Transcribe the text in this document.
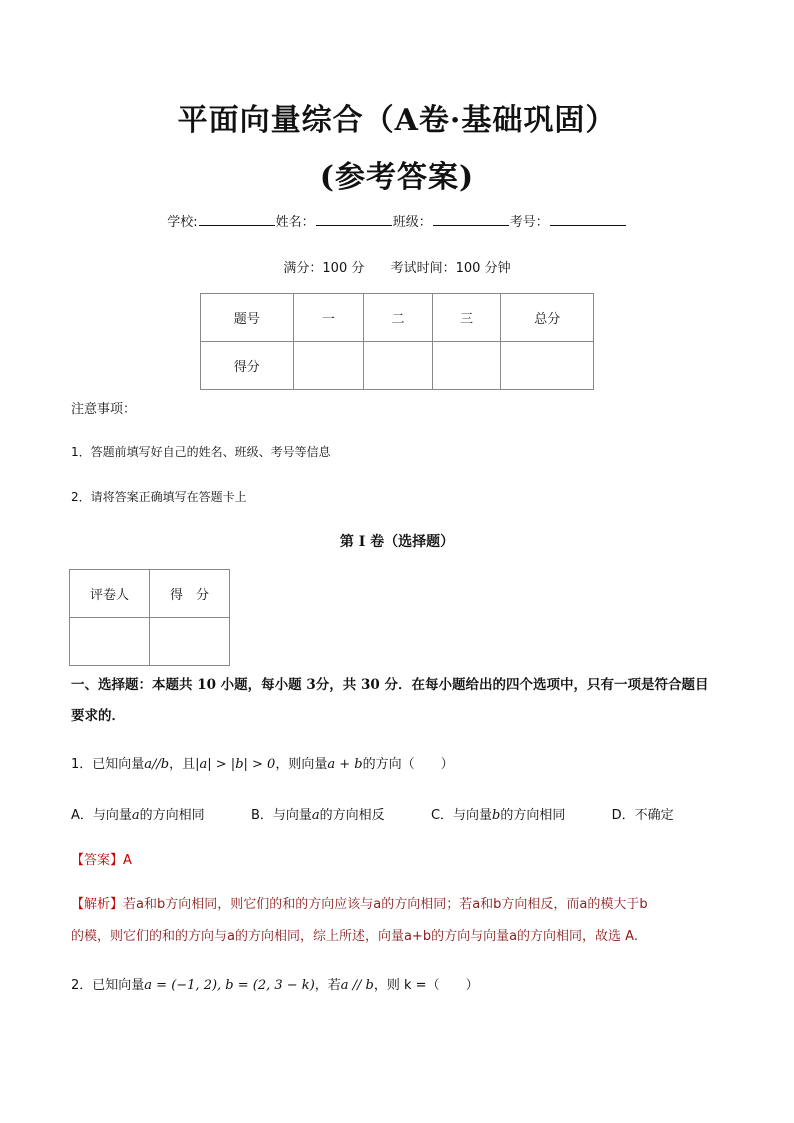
平面向量综合（A卷·基础巩固）
(参考答案)
学校:	姓名：	班级：	考号：
满分：100 分 考试时间：100 分钟
题号	一	二	三	总分
得分				
注意事项：
1．答题前填写好自己的姓名、班级、考号等信息
2．请将答案正确填写在答题卡上
第 I 卷（选择题）
评卷人	得　分

一、选择题：本题共 10 小题，每小题 3分，共 30 分．在每小题给出的四个选项中，只有一项是符合题目
要求的．
1．已知向量a//b，且|a| > |b| > 0，则向量a + b的方向（　　）
A．与向量a的方向相同	B．与向量a的方向相反	C．与向量b的方向相同	D．不确定
【答案】A
【解析】若a和b方向相同，则它们的和的方向应该与a的方向相同；若a和b方向相反，而a的模大于b
的模，则它们的和的方向与a的方向相同，综上所述，向量a+b的方向与向量a的方向相同，故选 A.
2．已知向量a = (−1, 2), b = (2, 3 − k)，若a // b，则 k =（　　）
